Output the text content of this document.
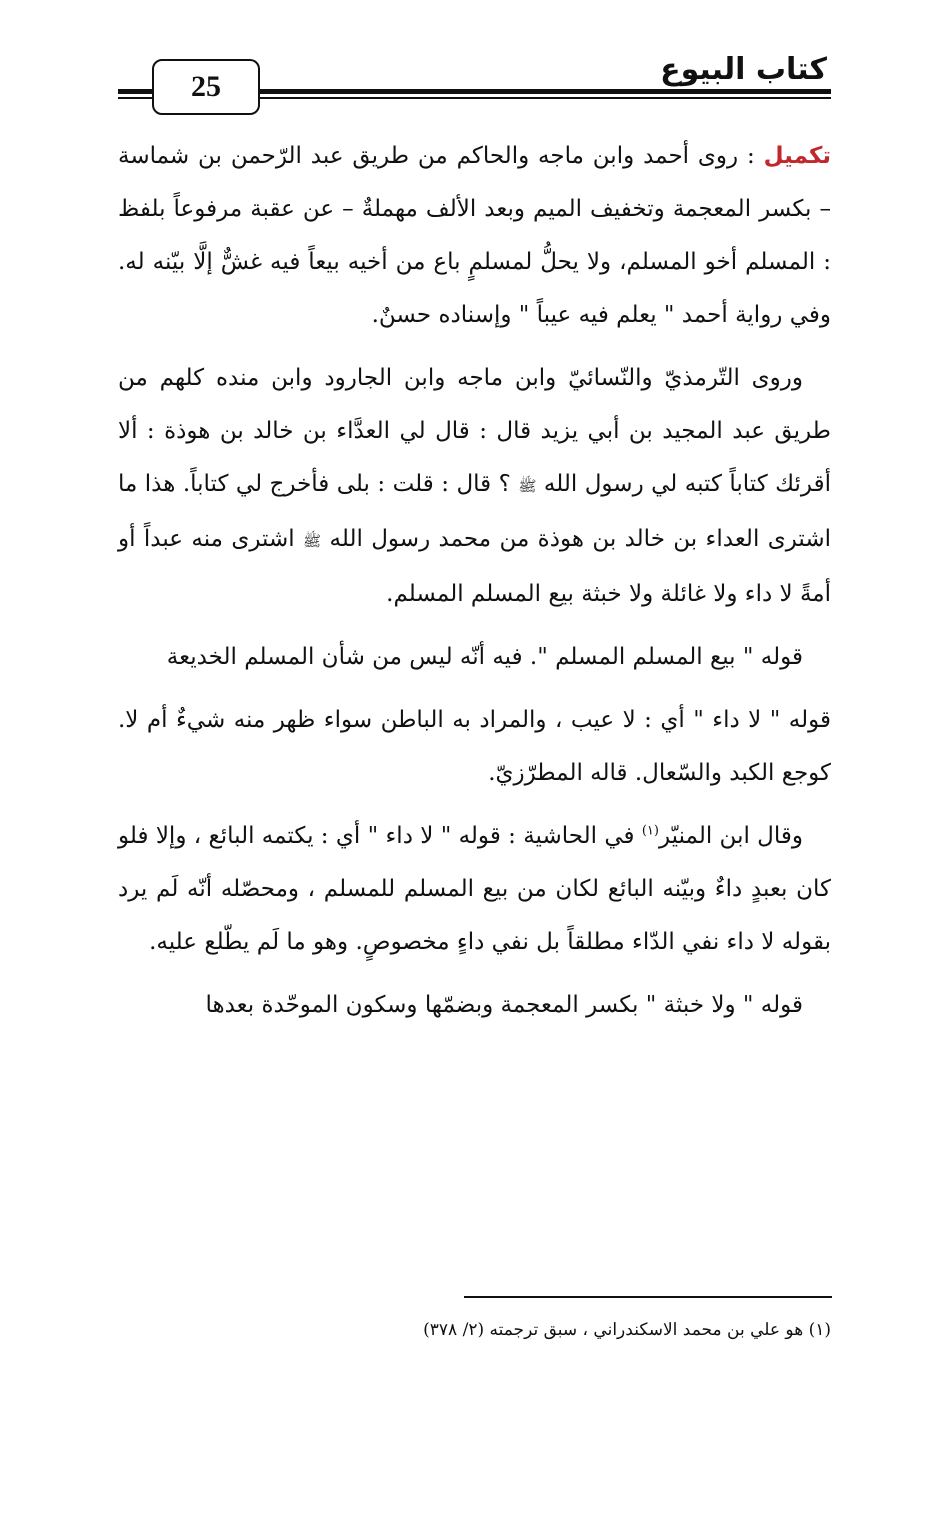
كتاب البيوع
25

تكميل : روى أحمد وابن ماجه والحاكم من طريق عبد الرّحمن بن شماسة – بكسر المعجمة وتخفيف الميم وبعد الألف مهملةٌ – عن عقبة مرفوعاً بلفظ : المسلم أخو المسلم، ولا يحلُّ لمسلمٍ باع من أخيه بيعاً فيه غشٌّ إلَّا بيّنه له. وفي رواية أحمد " يعلم فيه عيباً " وإسناده حسنٌ.

وروى التّرمذيّ والنّسائيّ وابن ماجه وابن الجارود وابن منده كلهم من طريق عبد المجيد بن أبي يزيد قال : قال لي العدَّاء بن خالد بن هوذة : ألا أقرئك كتاباً كتبه لي رسول الله ﷺ ؟ قال : قلت : بلى فأخرج لي كتاباً. هذا ما اشترى العداء بن خالد بن هوذة من محمد رسول الله ﷺ اشترى منه عبداً أو أمةً لا داء ولا غائلة ولا خبثة بيع المسلم المسلم.

قوله " بيع المسلم المسلم ". فيه أنّه ليس من شأن المسلم الخديعة

قوله " لا داء " أي : لا عيب ، والمراد به الباطن سواء ظهر منه شيءٌ أم لا. كوجع الكبد والسّعال. قاله المطرّزيّ.

وقال ابن المنيّر$^{(١)}$ في الحاشية : قوله " لا داء " أي : يكتمه البائع ، وإلا فلو كان بعبدٍ داءٌ وبيّنه البائع لكان من بيع المسلم للمسلم ، ومحصّله أنّه لَم يرد بقوله لا داء نفي الدّاء مطلقاً بل نفي داءٍ مخصوصٍ. وهو ما لَم يطّلع عليه.

قوله " ولا خبثة " بكسر المعجمة وبضمّها وسكون الموحّدة بعدها

(١) هو علي بن محمد الاسكندراني ، سبق ترجمته (٢/ ٣٧٨)
